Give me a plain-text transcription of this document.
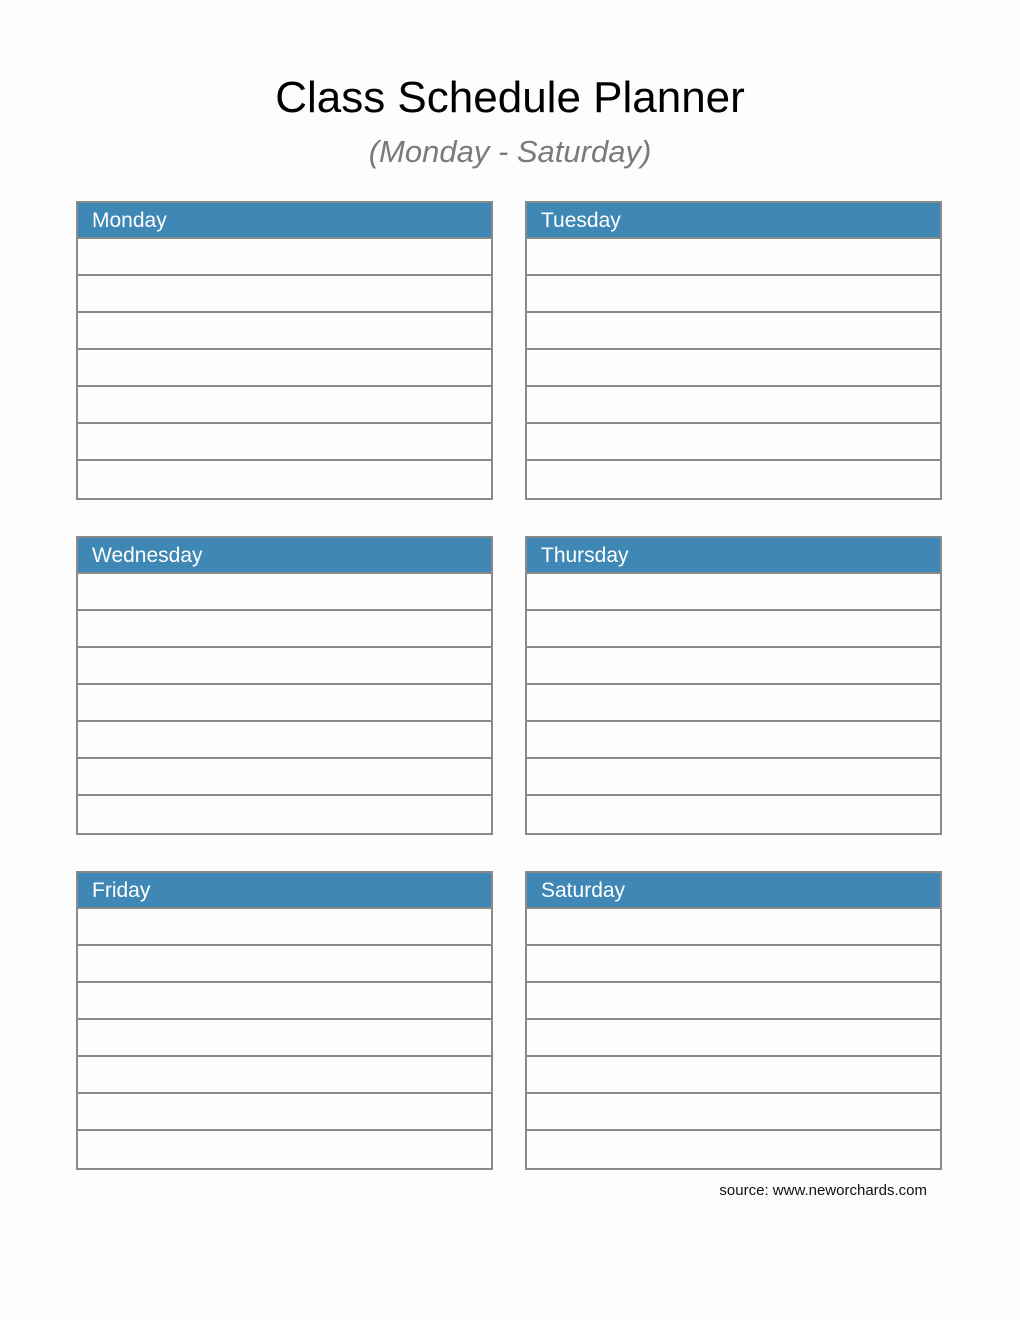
Class Schedule Planner
(Monday - Saturday)
Monday	Tuesday
Wednesday	Thursday
Friday	Saturday
source: www.neworchards.com
